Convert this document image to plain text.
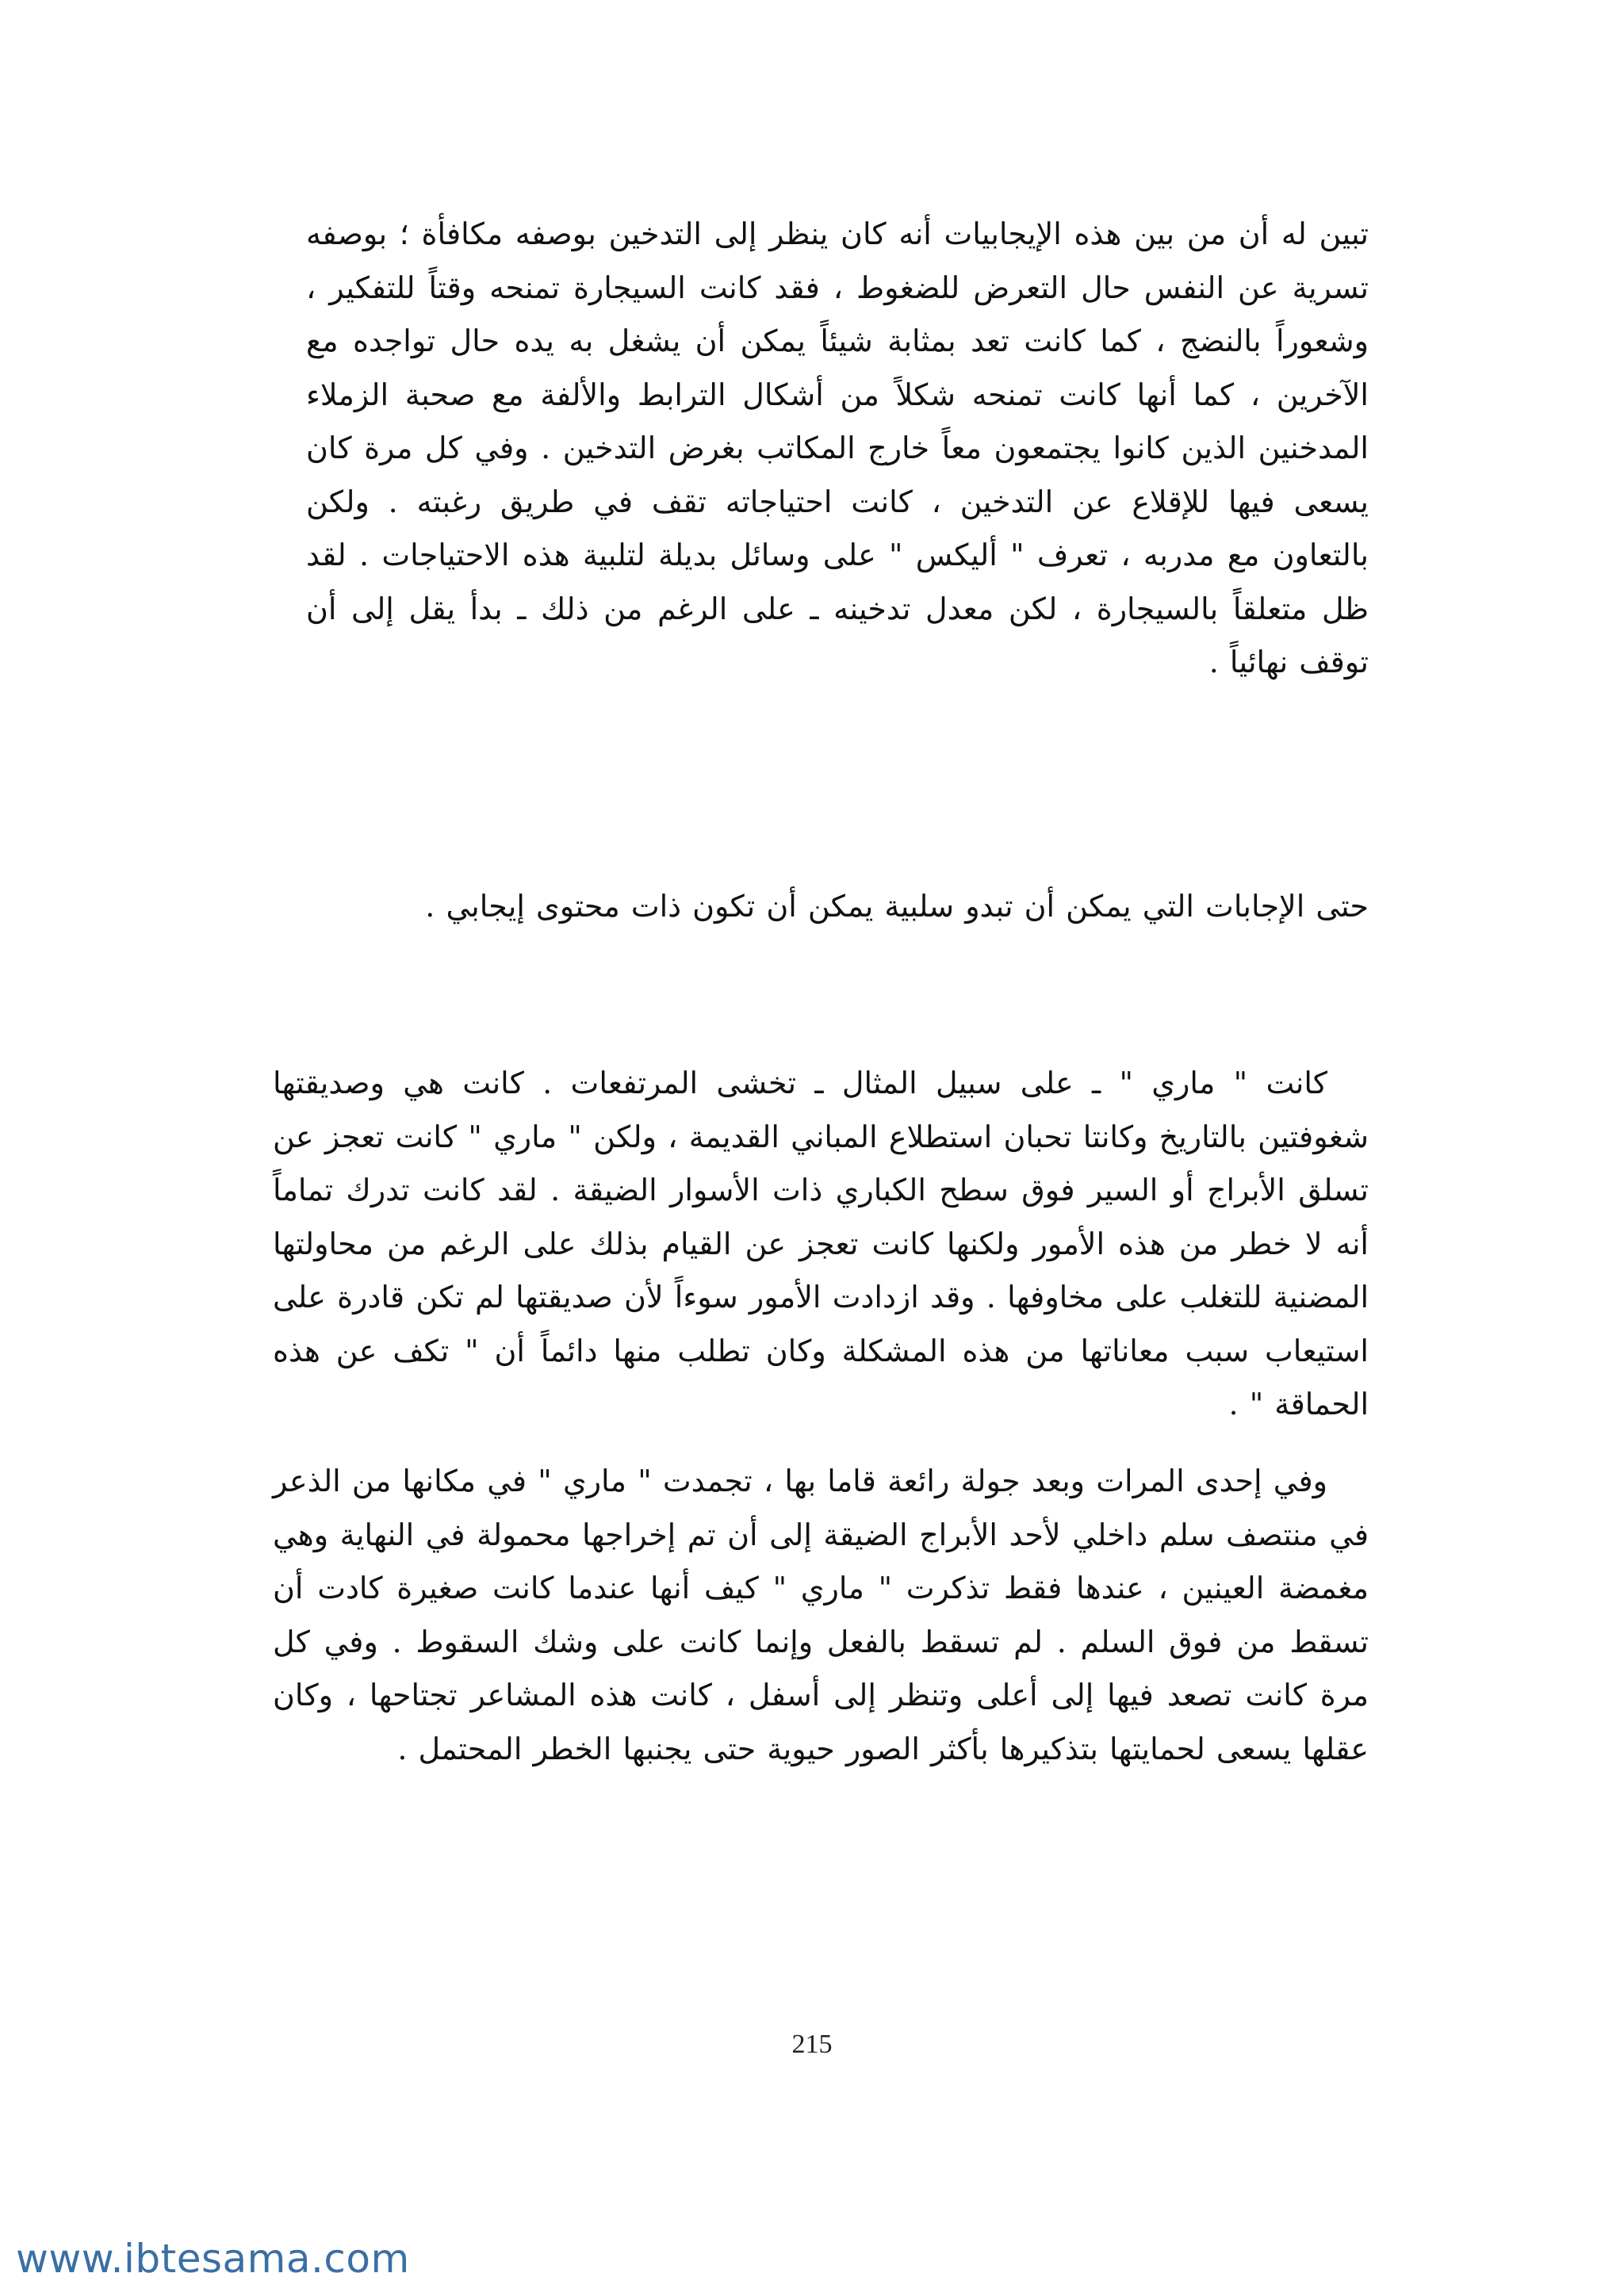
تبين له أن من بين هذه الإيجابيات أنه كان ينظر إلى التدخين بوصفه مكافأة ؛ بوصفه تسرية عن النفس حال التعرض للضغوط ، فقد كانت السيجارة تمنحه وقتاً للتفكير ، وشعوراً بالنضج ، كما كانت تعد بمثابة شيئاً يمكن أن يشغل به يده حال تواجده مع الآخرين ، كما أنها كانت تمنحه شكلاً من أشكال الترابط والألفة مع صحبة الزملاء المدخنين الذين كانوا يجتمعون معاً خارج المكاتب بغرض التدخين . وفي كل مرة كان يسعى فيها للإقلاع عن التدخين ، كانت احتياجاته تقف في طريق رغبته . ولكن بالتعاون مع مدربه ، تعرف " أليكس " على وسائل بديلة لتلبية هذه الاحتياجات . لقد ظل متعلقاً بالسيجارة ، لكن معدل تدخينه ـ على الرغم من ذلك ـ بدأ يقل إلى أن توقف نهائياً .

حتى الإجابات التي يمكن أن تبدو سلبية يمكن أن تكون ذات محتوى إيجابي .

كانت " ماري " ـ على سبيل المثال ـ تخشى المرتفعات . كانت هي وصديقتها شغوفتين بالتاريخ وكانتا تحبان استطلاع المباني القديمة ، ولكن " ماري " كانت تعجز عن تسلق الأبراج أو السير فوق سطح الكباري ذات الأسوار الضيقة . لقد كانت تدرك تماماً أنه لا خطر من هذه الأمور ولكنها كانت تعجز عن القيام بذلك على الرغم من محاولتها المضنية للتغلب على مخاوفها . وقد ازدادت الأمور سوءاً لأن صديقتها لم تكن قادرة على استيعاب سبب معاناتها من هذه المشكلة وكان تطلب منها دائماً أن " تكف عن هذه الحماقة " .

وفي إحدى المرات وبعد جولة رائعة قاما بها ، تجمدت " ماري " في مكانها من الذعر في منتصف سلم داخلي لأحد الأبراج الضيقة إلى أن تم إخراجها محمولة في النهاية وهي مغمضة العينين ، عندها فقط تذكرت " ماري " كيف أنها عندما كانت صغيرة كادت أن تسقط من فوق السلم . لم تسقط بالفعل وإنما كانت على وشك السقوط . وفي كل مرة كانت تصعد فيها إلى أعلى وتنظر إلى أسفل ، كانت هذه المشاعر تجتاحها ، وكان عقلها يسعى لحمايتها بتذكيرها بأكثر الصور حيوية حتى يجنبها الخطر المحتمل .

215
www.ibtesama.com
